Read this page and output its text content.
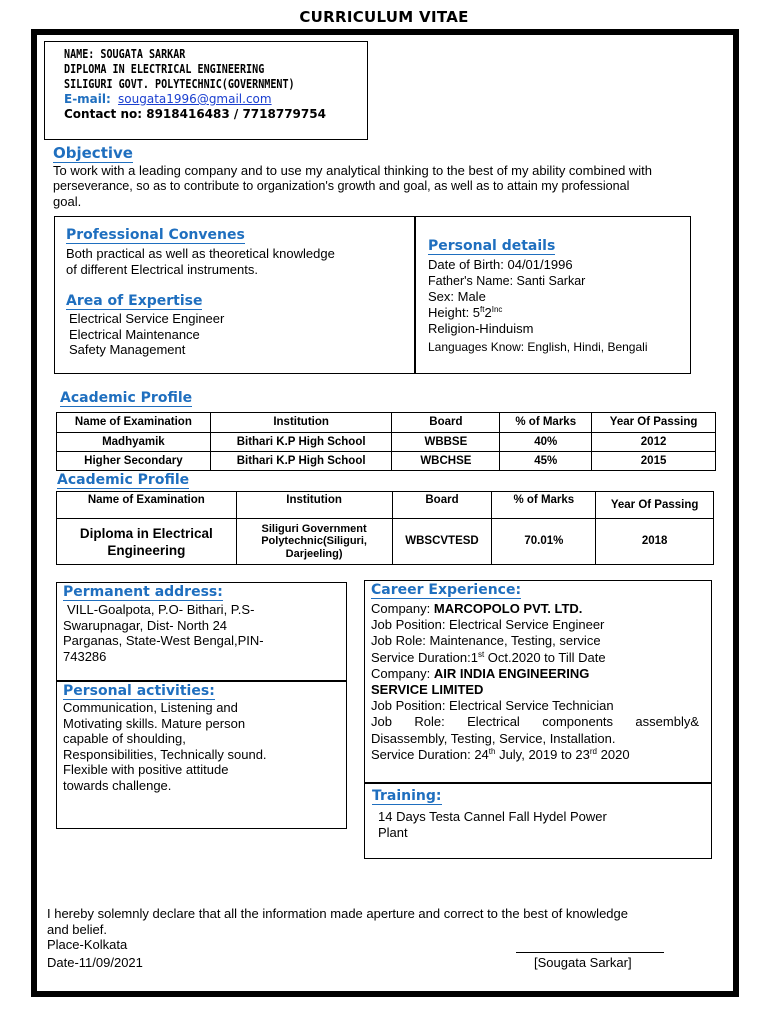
CURRICULUM VITAE
NAME: SOUGATA SARKAR
DIPLOMA IN ELECTRICAL ENGINEERING
SILIGURI GOVT. POLYTECHNIC(GOVERNMENT)
E-mail: sougata1996@gmail.com
Contact no: 8918416483 / 7718779754
Objective
To work with a leading company and to use my analytical thinking to the best of my ability combined with
perseverance, so as to contribute to organization's growth and goal, as well as to attain my professional
goal.
Professional Convenes
Both practical as well as theoretical knowledge
of different Electrical instruments.
Area of Expertise
Electrical Service Engineer
Electrical Maintenance
Safety Management
Personal details
Date of Birth: 04/01/1996
Father's Name: Santi Sarkar
Sex: Male
Height: $5^{ft}2^{Inc}$
Religion-Hinduism
Languages Know: English, Hindi, Bengali
Academic Profile
Name of Examination	Institution	Board	% of Marks	Year Of Passing
Madhyamik	Bithari K.P High School	WBBSE	40%	2012
Higher Secondary	Bithari K.P High School	WBCHSE	45%	2015
Academic Profile
Name of Examination	Institution	Board	% of Marks	Year Of Passing
Diploma in Electrical Engineering	Siliguri Government Polytechnic(Siliguri, Darjeeling)	WBSCVTESD	70.01%	2018
Permanent address:
VILL-Goalpota, P.O- Bithari, P.S-
Swarupnagar, Dist- North 24
Parganas, State-West Bengal,PIN-
743286
Personal activities:
Communication, Listening and
Motivating skills. Mature person
capable of shoulding,
Responsibilities, Technically sound.
Flexible with positive attitude
towards challenge.
Career Experience:
Company: MARCOPOLO PVT. LTD.
Job Position: Electrical Service Engineer
Job Role: Maintenance, Testing, service
Service Duration:1st Oct.2020 to Till Date
Company: AIR INDIA ENGINEERING
SERVICE LIMITED
Job Position: Electrical Service Technician
Job Role: Electrical components assembly&
Disassembly, Testing, Service, Installation.
Service Duration: 24th July, 2019 to 23rd 2020
Training:
14 Days Testa Cannel Fall Hydel Power
Plant
I hereby solemnly declare that all the information made aperture and correct to the best of knowledge
and belief.
Place-Kolkata
Date-11/09/2021	[Sougata Sarkar]
